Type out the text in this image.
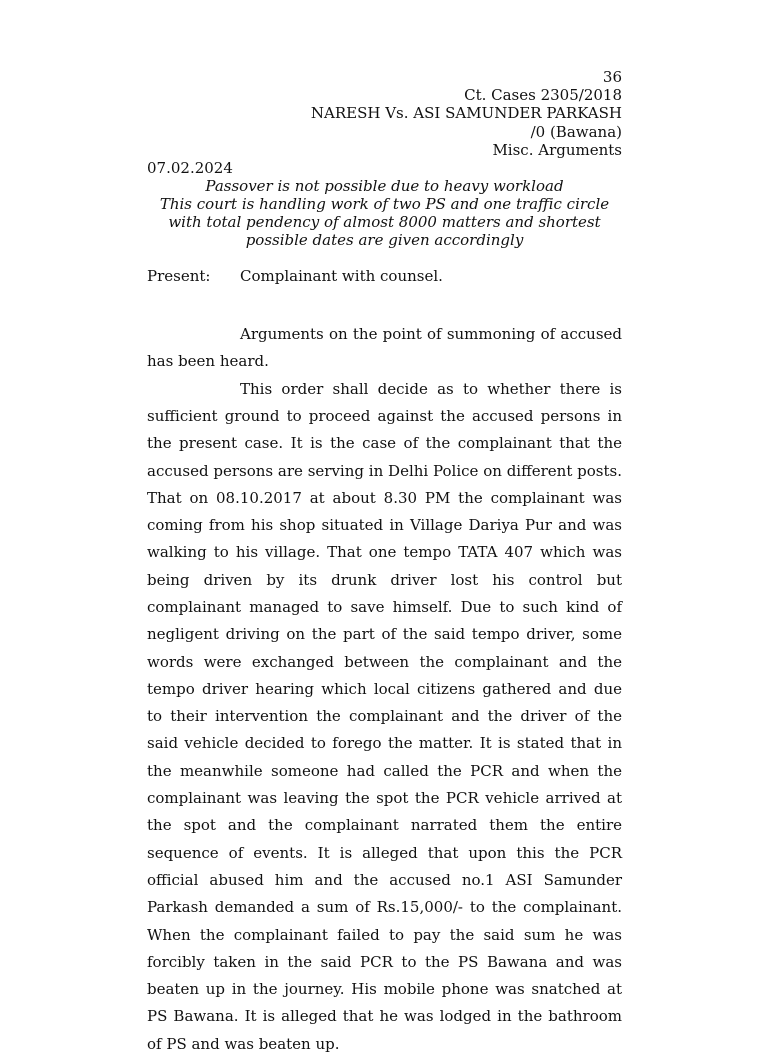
36
Ct. Cases 2305/2018
NARESH Vs. ASI SAMUNDER PARKASH
/0 (Bawana)
Misc. Arguments
07.02.2024
Passover is not possible due to heavy workload
This court is handling work of two PS and one traffic circle with total pendency of almost 8000 matters and shortest possible dates are given accordingly
Present:	Complainant with counsel.

Arguments on the point of summoning of accused has been heard.

This order shall decide as to whether there is sufficient ground to proceed against the accused persons in the present case. It is the case of the complainant that the accused persons are serving in Delhi Police on different posts. That on 08.10.2017 at about 8.30 PM the complainant was coming from his shop situated in Village Dariya Pur and was walking to his village. That one tempo TATA 407 which was being driven by its drunk driver lost his control but complainant managed to save himself. Due to such kind of negligent driving on the part of the said tempo driver, some words were exchanged between the complainant and the tempo driver hearing which local citizens gathered and due to their intervention the complainant and the driver of the said vehicle decided to forego the matter. It is stated that in the meanwhile someone had called the PCR and when the complainant was leaving the spot the PCR vehicle arrived at the spot and the complainant narrated them the entire sequence of events. It is alleged that upon this the PCR official abused him and the accused no.1 ASI Samunder Parkash demanded a sum of Rs.15,000/- to the complainant. When the complainant failed to pay the said sum he was forcibly taken in the said PCR to the PS Bawana and was beaten up in the journey. His mobile phone was snatched at PS Bawana. It is alleged that he was lodged in the bathroom of PS and was beaten up.
